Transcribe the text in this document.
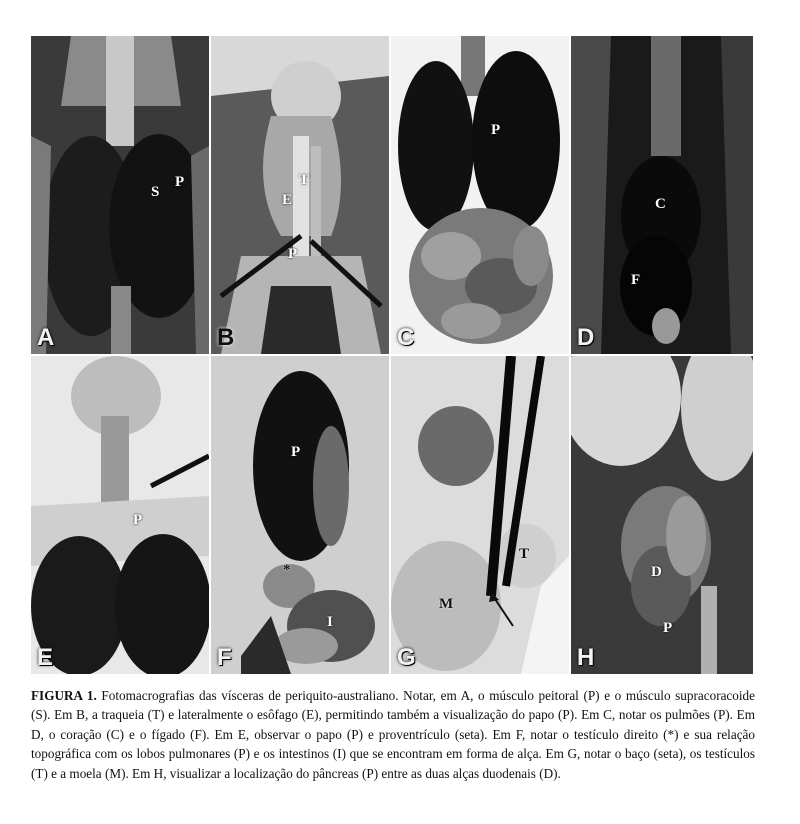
S
P
A
T
E
P
B
P
C
C
F
D
P
E
P
*
I
F
T
M
G
D
P
H
FIGURA 1. Fotomacrografias das vísceras de periquito-australiano. Notar, em A, o músculo peitoral (P) e o músculo supracoracoide (S). Em B, a traqueia (T) e lateralmente o esôfago (E), permitindo também a visualização do papo (P). Em C, notar os pulmões (P). Em D, o coração (C) e o fígado (F). Em E, observar o papo (P) e proventrículo (seta). Em F, notar o testículo direito (*) e sua relação topográfica com os lobos pulmonares (P) e os intestinos (I) que se encontram em forma de alça. Em G, notar o baço (seta), os testículos (T) e a moela (M). Em H, visualizar a localização do pâncreas (P) entre as duas alças duodenais (D).
